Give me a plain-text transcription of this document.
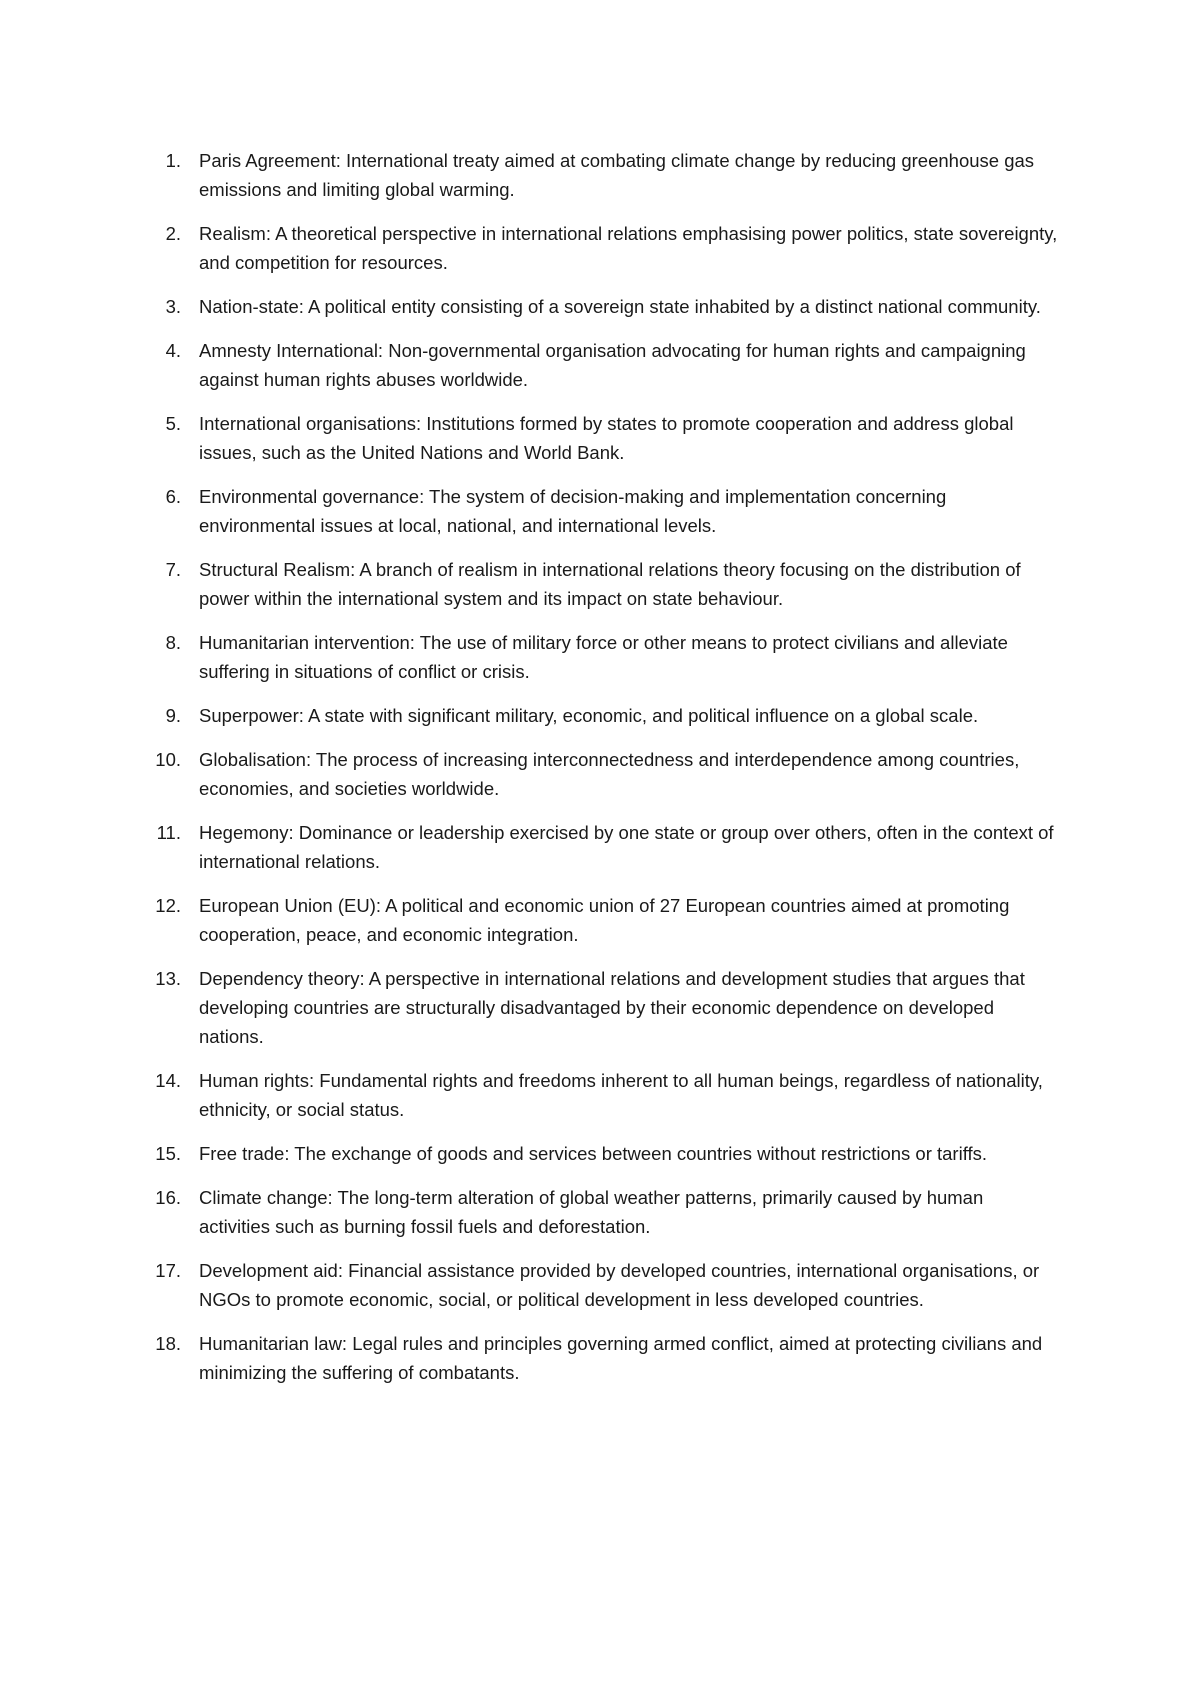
1. Paris Agreement: International treaty aimed at combating climate change by reducing greenhouse gas emissions and limiting global warming.
2. Realism: A theoretical perspective in international relations emphasising power politics, state sovereignty, and competition for resources.
3. Nation-state: A political entity consisting of a sovereign state inhabited by a distinct national community.
4. Amnesty International: Non-governmental organisation advocating for human rights and campaigning against human rights abuses worldwide.
5. International organisations: Institutions formed by states to promote cooperation and address global issues, such as the United Nations and World Bank.
6. Environmental governance: The system of decision-making and implementation concerning environmental issues at local, national, and international levels.
7. Structural Realism: A branch of realism in international relations theory focusing on the distribution of power within the international system and its impact on state behaviour.
8. Humanitarian intervention: The use of military force or other means to protect civilians and alleviate suffering in situations of conflict or crisis.
9. Superpower: A state with significant military, economic, and political influence on a global scale.
10. Globalisation: The process of increasing interconnectedness and interdependence among countries, economies, and societies worldwide.
11. Hegemony: Dominance or leadership exercised by one state or group over others, often in the context of international relations.
12. European Union (EU): A political and economic union of 27 European countries aimed at promoting cooperation, peace, and economic integration.
13. Dependency theory: A perspective in international relations and development studies that argues that developing countries are structurally disadvantaged by their economic dependence on developed nations.
14. Human rights: Fundamental rights and freedoms inherent to all human beings, regardless of nationality, ethnicity, or social status.
15. Free trade: The exchange of goods and services between countries without restrictions or tariffs.
16. Climate change: The long-term alteration of global weather patterns, primarily caused by human activities such as burning fossil fuels and deforestation.
17. Development aid: Financial assistance provided by developed countries, international organisations, or NGOs to promote economic, social, or political development in less developed countries.
18. Humanitarian law: Legal rules and principles governing armed conflict, aimed at protecting civilians and minimizing the suffering of combatants.
